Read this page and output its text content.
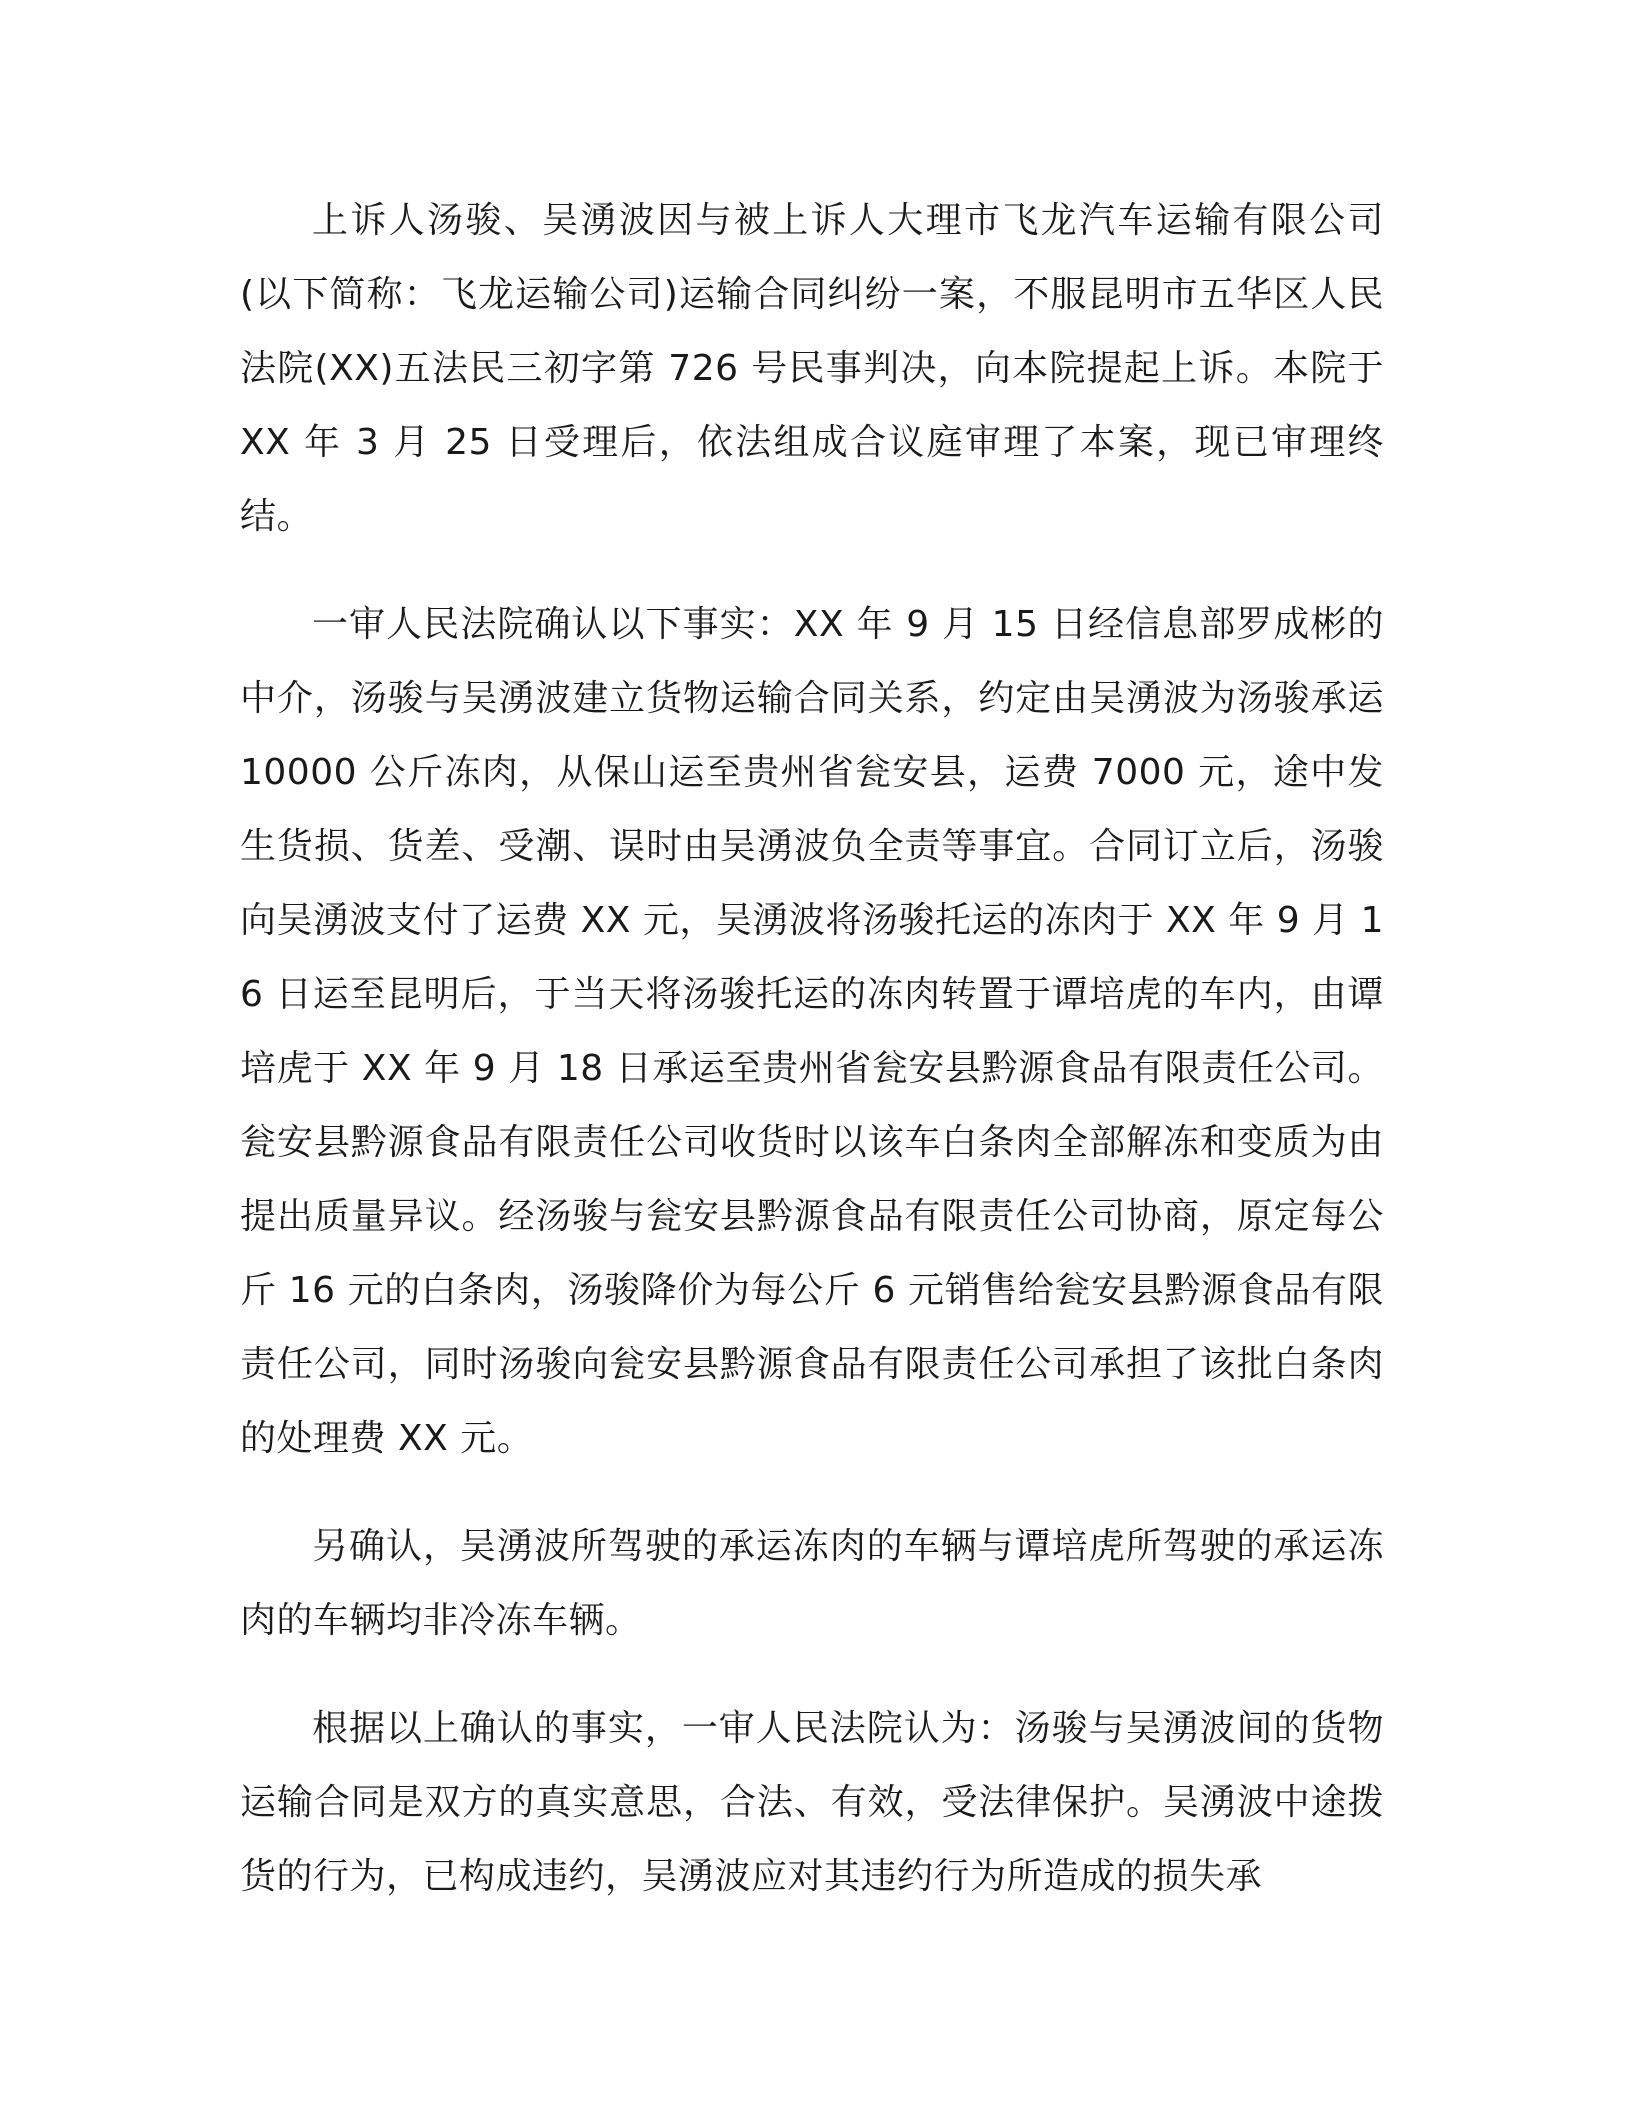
上诉人汤骏、吴湧波因与被上诉人大理市飞龙汽车运输有限公司(以下简称：飞龙运输公司)运输合同纠纷一案，不服昆明市五华区人民法院(XX)五法民三初字第 726 号民事判决，向本院提起上诉。本院于 XX 年 3 月 25 日受理后，依法组成合议庭审理了本案，现已审理终结。

一审人民法院确认以下事实：XX 年 9 月 15 日经信息部罗成彬的中介，汤骏与吴湧波建立货物运输合同关系，约定由吴湧波为汤骏承运 10000 公斤冻肉，从保山运至贵州省瓮安县，运费 7000 元，途中发生货损、货差、受潮、误时由吴湧波负全责等事宜。合同订立后，汤骏向吴湧波支付了运费 XX 元，吴湧波将汤骏托运的冻肉于 XX 年 9 月 16 日运至昆明后，于当天将汤骏托运的冻肉转置于谭培虎的车内，由谭培虎于 XX 年 9 月 18 日承运至贵州省瓮安县黔源食品有限责任公司。瓮安县黔源食品有限责任公司收货时以该车白条肉全部解冻和变质为由提出质量异议。经汤骏与瓮安县黔源食品有限责任公司协商，原定每公斤 16 元的白条肉，汤骏降价为每公斤 6 元销售给瓮安县黔源食品有限责任公司，同时汤骏向瓮安县黔源食品有限责任公司承担了该批白条肉的处理费 XX 元。

另确认，吴湧波所驾驶的承运冻肉的车辆与谭培虎所驾驶的承运冻肉的车辆均非冷冻车辆。

根据以上确认的事实，一审人民法院认为：汤骏与吴湧波间的货物运输合同是双方的真实意思，合法、有效，受法律保护。吴湧波中途拨货的行为，已构成违约，吴湧波应对其违约行为所造成的损失承
